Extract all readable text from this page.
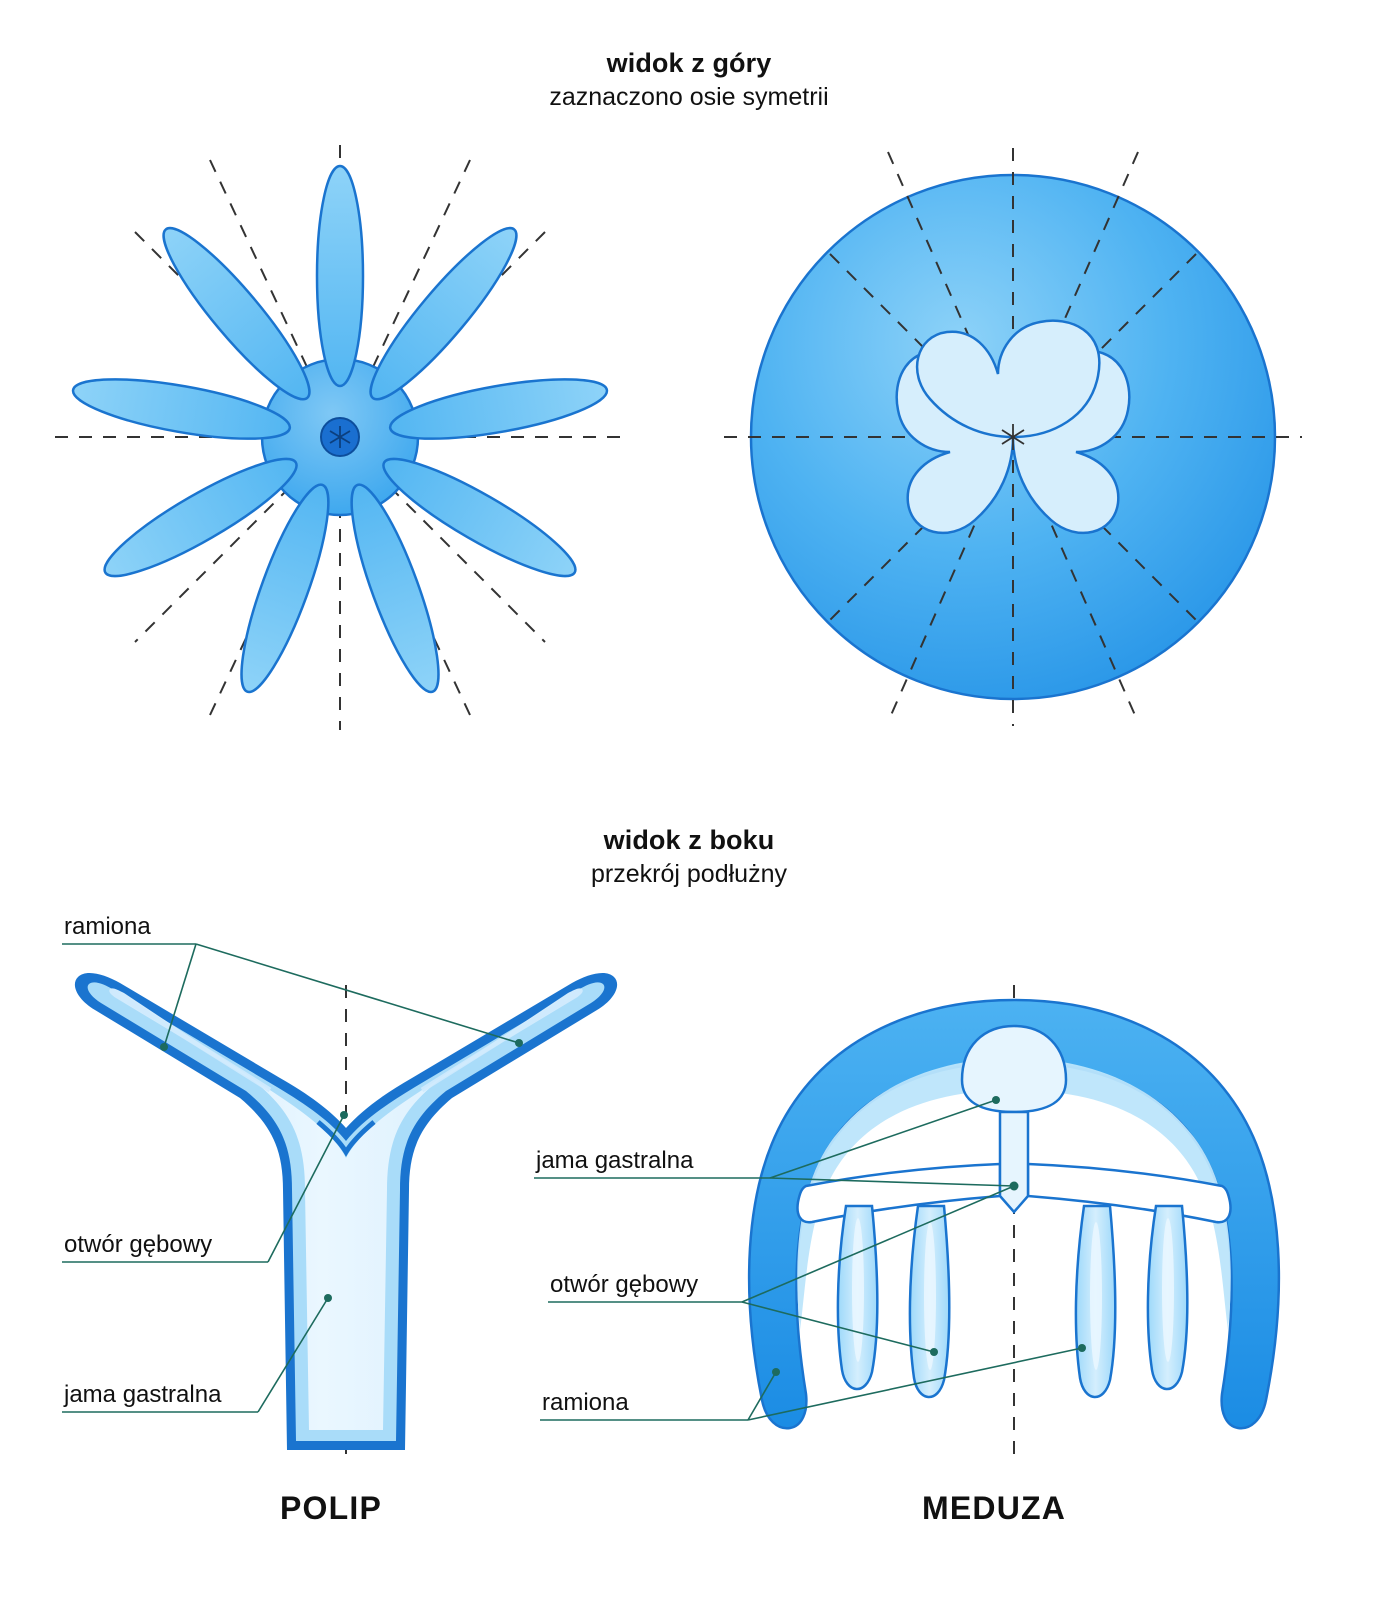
widok z góry

zaznaczono osie symetrii

widok z boku

przekrój podłużny

ramiona
otwór gębowy
jama gastralna
jama gastralna
otwór gębowy
ramiona
POLIP	MEDUZA
